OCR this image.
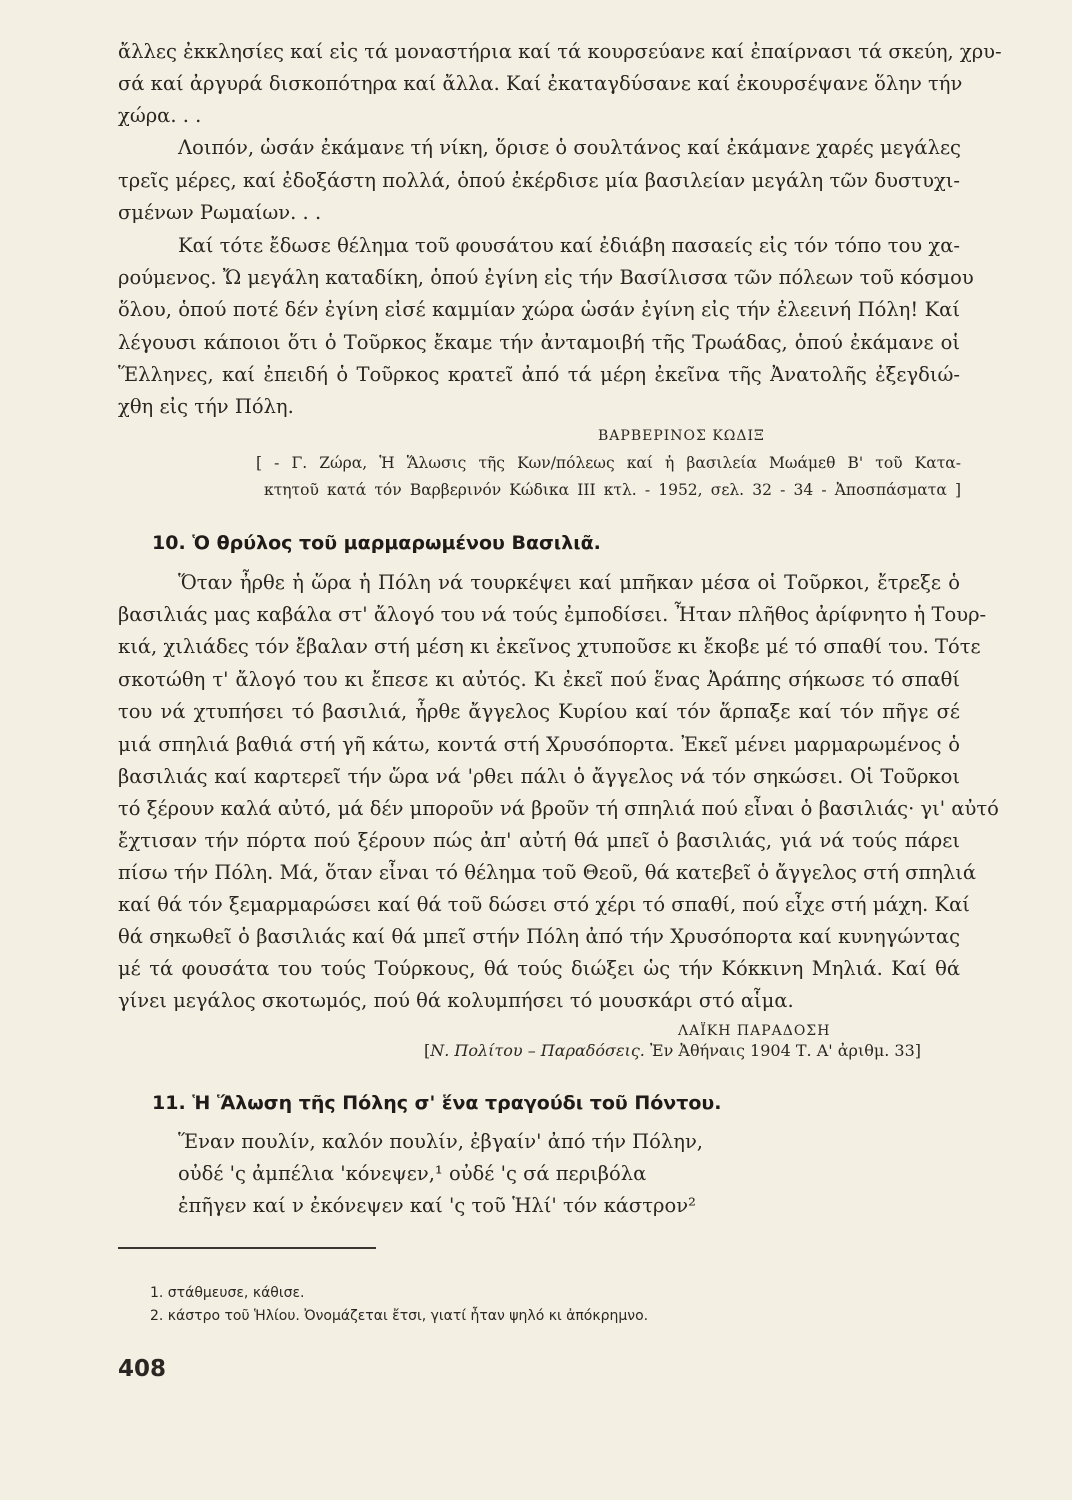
ἄλλες ἐκκλησίες καί εἰς τά μοναστήρια καί τά κουρσεύανε καί ἐπαίρνασι τά σκεύη, χρυ-
σά καί ἀργυρά δισκοπότηρα καί ἄλλα. Καί ἐκαταγδύσανε καί ἐκουρσέψανε ὅλην τήν
χώρα. . .
Λοιπόν, ὡσάν ἐκάμανε τή νίκη, ὅρισε ὁ σουλτάνος καί ἐκάμανε χαρές μεγάλες
τρεῖς μέρες, καί ἐδοξάστη πολλά, ὁπού ἐκέρδισε μία βασιλείαν μεγάλη τῶν δυστυχι-
σμένων Ρωμαίων. . .
Καί τότε ἔδωσε θέλημα τοῦ φουσάτου καί ἐδιάβη πασαείς εἰς τόν τόπο του χα-
ρούμενος. Ὤ μεγάλη καταδίκη, ὁπού ἐγίνη εἰς τήν Βασίλισσα τῶν πόλεων τοῦ κόσμου
ὅλου, ὁπού ποτέ δέν ἐγίνη εἰσέ καμμίαν χώρα ὡσάν ἐγίνη εἰς τήν ἐλεεινή Πόλη! Καί
λέγουσι κάποιοι ὅτι ὁ Τοῦρκος ἔκαμε τήν ἀνταμοιβή τῆς Τρωάδας, ὁπού ἐκάμανε οἱ
Ἕλληνες, καί ἐπειδή ὁ Τοῦρκος κρατεῖ ἀπό τά μέρη ἐκεῖνα τῆς Ἀνατολῆς ἐξεγδιώ-
χθη εἰς τήν Πόλη.
ΒΑΡΒΕΡΙΝΟΣ ΚΩΔΙΞ
[ - Γ. Ζώρα, Ἡ Ἅλωσις τῆς Κων/πόλεως καί ἡ βασιλεία Μωάμεθ Β' τοῦ Κατα-
κτητοῦ κατά τόν Βαρβερινόν Κώδικα ΙΙΙ κτλ. - 1952, σελ. 32 - 34 - Ἀποσπάσματα ]
10. Ὁ θρύλος τοῦ μαρμαρωμένου Βασιλιᾶ.
Ὅταν ἦρθε ἡ ὥρα ἡ Πόλη νά τουρκέψει καί μπῆκαν μέσα οἱ Τοῦρκοι, ἔτρεξε ὁ
βασιλιάς μας καβάλα στ' ἄλογό του νά τούς ἐμποδίσει. Ἦταν πλῆθος ἀρίφνητο ἡ Τουρ-
κιά, χιλιάδες τόν ἔβαλαν στή μέση κι ἐκεῖνος χτυποῦσε κι ἔκοβε μέ τό σπαθί του. Τότε
σκοτώθη τ' ἄλογό του κι ἔπεσε κι αὐτός. Κι ἐκεῖ πού ἕνας Ἀράπης σήκωσε τό σπαθί
του νά χτυπήσει τό βασιλιά, ἦρθε ἄγγελος Κυρίου καί τόν ἅρπαξε καί τόν πῆγε σέ
μιά σπηλιά βαθιά στή γῆ κάτω, κοντά στή Χρυσόπορτα. Ἐκεῖ μένει μαρμαρωμένος ὁ
βασιλιάς καί καρτερεῖ τήν ὥρα νά 'ρθει πάλι ὁ ἄγγελος νά τόν σηκώσει. Οἱ Τοῦρκοι
τό ξέρουν καλά αὐτό, μά δέν μποροῦν νά βροῦν τή σπηλιά πού εἶναι ὁ βασιλιάς· γι' αὐτό
ἔχτισαν τήν πόρτα πού ξέρουν πώς ἀπ' αὐτή θά μπεῖ ὁ βασιλιάς, γιά νά τούς πάρει
πίσω τήν Πόλη. Μά, ὅταν εἶναι τό θέλημα τοῦ Θεοῦ, θά κατεβεῖ ὁ ἄγγελος στή σπηλιά
καί θά τόν ξεμαρμαρώσει καί θά τοῦ δώσει στό χέρι τό σπαθί, πού εἶχε στή μάχη. Καί
θά σηκωθεῖ ὁ βασιλιάς καί θά μπεῖ στήν Πόλη ἀπό τήν Χρυσόπορτα καί κυνηγώντας
μέ τά φουσάτα του τούς Τούρκους, θά τούς διώξει ὡς τήν Κόκκινη Μηλιά. Καί θά
γίνει μεγάλος σκοτωμός, πού θά κολυμπήσει τό μουσκάρι στό αἷμα.
ΛΑΪΚΗ ΠΑΡΑΔΟΣΗ
[Ν. Πολίτου – Παραδόσεις. Ἐν Ἀθήναις 1904 Τ. Α' ἀριθμ. 33]
11. Ἡ Ἅλωση τῆς Πόλης σ' ἕνα τραγούδι τοῦ Πόντου.
Ἕναν πουλίν, καλόν πουλίν, ἐβγαίν' ἀπό τήν Πόλην,
οὐδέ 'ς ἀμπέλια 'κόνεψεν,¹ οὐδέ 'ς σά περιβόλα
ἐπῆγεν καί ν ἐκόνεψεν καί 'ς τοῦ Ἡλί' τόν κάστρον²
1. στάθμευσε, κάθισε.
2. κάστρο τοῦ Ἡλίου. Ὀνομάζεται ἔτσι, γιατί ἦταν ψηλό κι ἀπόκρημνο.
408
